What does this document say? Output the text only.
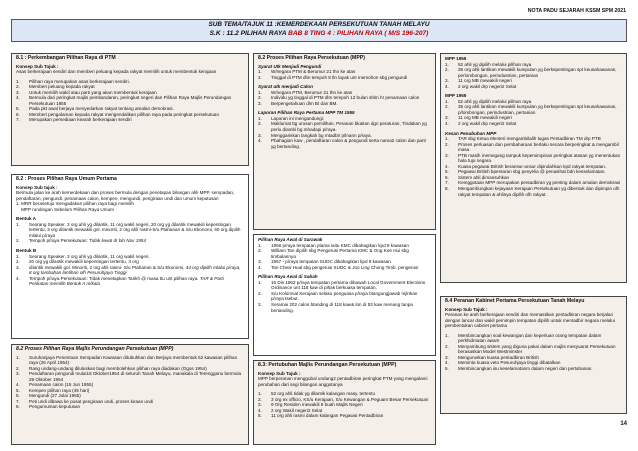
NOTA PADU SEJARAH KSSM SPM 2021
SUB TEMA/TAJUK 11 :KEMERDEKAAN PERSEKUTUAN TANAH MELAYU
S.K : 11.2 PILIHAN RAYA BAB 8 TING 4 : PILIHAN RAYA ( M/S 196-207)
8.1 : Perkembangan Pilihan Raya di PTM
Konsep Sub Tajuk :
Asas berkerajaan sendiri dan memberi peluang kepada rakyat memilih untuk membentuk kerajaan
1.	Pilihan raya merupakan asas berkerajaan sendiri.
2.	Memberi peluang kepada rakyat
3.	Untuk memilih wakil atau parti yang akan membentuk kerajaan
4.	Bermula dari peringkat majlis pembandaran, peringkat negeri dan Pilihan Raya Majlis Perundangan Persekutuan 1955
5.	Pada pkt awal berjaya menyedarkan rakyat tentang amalan demokrasi.
6.	Memberi pengalaman kepada rakyat mengendalikan pilihan raya pada peringkat persekutuan
7.	Merupakan persediaan kearah berkerajaan sendiri
8.2 : Proses Pilihan Raya Umum Pertama
Konsep Sub tajuk :
Bermula jalan ke arah kemerdekaan dan proses bermula dengan penetapan bilangan ahli MPP, sempadan, pendaftaran, pengundi, penamaan calon, kempen, mengundi, pengiraan undi dan umum keputusan
1. MRR berasetuju mengadakan pilihan raya bagi memilih
MPP rundingan Sebelum Pilihan Raya Umum
Bentuk A
1.	Seorang Speaker, 3 org ahli yg dilantik, 11 org wakil negeri, 20 org yg dilantik mewakili kepentingan tertentu, 3 org dilantik mewakili gol. minoriti, 2 org ahli rasmi-S/u Ptahanan & S/u Ekonomi, 60 org dipilih mlalui p/raya
2.	Tempoh p/raya Persekutuan: Tidak lewat dr bln Nov 1954
Bentuk B
1.	Seorang Speaker, 3 org ahli yg dilantik, 11 org wakil negeri,
2.	20 org yg dilantik mewakili kepentingan tertentu, 3 org
3.	dilantik mewakili gol. Minoriti, 2 org ahli rasmi- S/u Ptaharian & S/u Ekonomi, 44 org dipilih mlalui p/raya, 8 org tambahan lantihan olh Pesuruhjaya Tinggi
4.	Tempoh p/raya Persekutuan: Tidak menetapkan Tarikh @ masa ttu unt pilihan raya. TAR & Parti Perikatan memilih Bentuk A m/kala
8.2 Proses Pilihan Raya Majlis Perundangan Persekutuan (MPP)
1.	Suruhanjaya Penentuan Sempadan Kawasan ditubuhkan dan Berjaya membentuk 52 kawasan pilihan raya (26 April 1954)
2.	Rang undang-undang diluluskan bagi membolehkan pilihan raya diadakan (Ogos 1954)
3.	Pendaftaran pengundi mulai18 Oktober1954 di seluruh Tanah Melayu, manakala di Terengganu bermula 29 Oktober 1954
4.	Penamaan calon (15 Jun 1955)
5.	Kempen pilihan raya (45 hari)
6.	Mengundi (27 Julai 1955)
7.	Peti undi dibawa ke pusat pengiraan undi, proses kiraan undi
8.	Pengumuman keputusan
8.2 Proses Pilihan Raya Persekutuan (MPP)
Syarat Utk Menjadi Pengundi
1.	W/negara PTM & Berumur 21 thn ke atas
2.	Tinggal di PTM dlm tempoh 8 tln layak unt memohon sbg pengundi
Syarat utk menjadi Calon
1.	W/negara PTM, Berumur 21 thn ke atas
2.	Individu yg tinggal di PTM dlm tempoh 12 bulan sblm hr penamaan calon
3.	Berpengetahuan dlm BI dan BM.
Laporan Pilihan Raya Pertama MPP TM 1955
1.	Laporan ini mengandungi:
2.	Maklumat ttg urusan pemilihan, Peranan bkaitan dgn peraturan, Tindakan yg perlu diambi bg mhadapi p/raya.
3.	Menggariskan langkah bg mtadbir p/lnann p/raya.
4.	Pbahagian kaw , pendaftaran calon & pengundi serta nama2 calon dan parti yg bertanding.
Pilihan Raya Awal di Sarawak
1.	1956 p/raya tempatan ptama iaitu KMC dibahagikan kpd 9 kawasan
2.	William Tan dipilih sbg Pengerusi Pertama KMC & Ong Kee Hui sbg timbalannya
3.	1957 - p/raya tempatan SUDC dibahagikan kpd 9 kawasan
4.	Tan Chew Hual sbg pengerusi SUDC & Joo Ling Chong Timb. pengerusi
Pilihan Raya Awal di Sabah
1.	16 Dis 1962 p/raya tempatan pertama dibawah Local Government Elections Ordinance unt 118 kaw di pihak berkuasa tempatan.
2.	S/u Kolonnial Kerajaan selaku penguasa p/raya btangungjawab mjlnkan p/raya tsebut.
3.	Seramai 202 calon btanding di 118 kaw& lon di 53 kaw menang tanpa bertanding.
8.3: Pertubuhan Majlis Perundangan Persekutuan (MPP)
Konsep Sub Tajuk :
MPP berperanan menggubal undang2 pentadbiran peringkat PTM yang mengalami perubahan dari segi bilangan anggotanya
1.	52 org ahli tidak yg dilantik kalangan masy. tertentu
2.	3 org ex officio, KS/u Kerajaan, S/u Kewangan & Peguam Besar Persekutuan
3.	9 Org Residen mewakili 9 buah Majlis Negeri
4.	2 org Wakil negeri2 Selat
5.	11 org ahli rasmi dalam kalangan Pegawai Pentadbiran
MPP 1955
1.	52 ahli yg dipilih melalui pilihan raya
2.	35 org ahli lantikan mewakili kumpulan yg berkepentingan spt keusahawanan, perlombongan, perindustrian, pertanian
3.	11 org MB mewakili negeri
4.	2 org wakil drp negeri2 Selat
MPP 1955
1.	52 ahli yg dipilih melalui pilihan raya
2.	35 org ahli lantikan mewakili kumpulan yg berkepentingan spt keusahawanan, p/lombongan, perindustrian, pertanian
3.	11 org MB mewakili negeri
4.	2 org wakil drp negeri2 Selat
Kesan Penubuhan MPP
1.	TAR sbg Ketua Menteri mengambilalih tugas Pentadbiran TM drp PTB
2.	Proses perluasan dan pembaharuan berlaku secara berperingkat & mengambil masa
3.	PTB masih memegang tampuk kepemimpinan peringkat atasan yg menentukan hala tuju negara.
4.	Kuasa pegawai British beransur-ansur dipindahkan kpd rakyat tempatan.
5.	Pegawai British bpersaran sbg penyelia @ penasihat bdn kesselamatan.
6.	Sistem ahli dimansuhkan
7.	Kemggotaan MPP merupakan pentadbiran yg penting dalam amalan demokrasi
8.	Mengambungkan kejayaan Kerajaan Persekutuan yg dibentuk dan dipimpin olh rakyat tempatan & ahlinya dipilih olh rakyat.
8.4 Peranan Kabinet Pertama Persekutuan Tanah Melayu
Konsep Sub Tajuk :
Peranan ke arah berkerajaan sendiri dan memastikan pentadbiran negara berjalan dengan lancar dan wakil pemimpin tempatan dipilih untuk mentadbir negara melalui pembentukan cabinet pertama
1.	Membincangkan soal kewangan dan keperluan orang tempatan dalam perkhidmatan awam
2.	Menyambung sistem yang diguna pakai dalam majlis mesyuarat Persekutuan berasaskan Model Westminster
3.	Menguruskan kuasa pentadbiran British
4.	Meminta kuasa veto Pesuruhjaya tinggi dibatalkan
5.	Membincangkan isu keselamatanm dalam negeri dan pertahanan.
14
